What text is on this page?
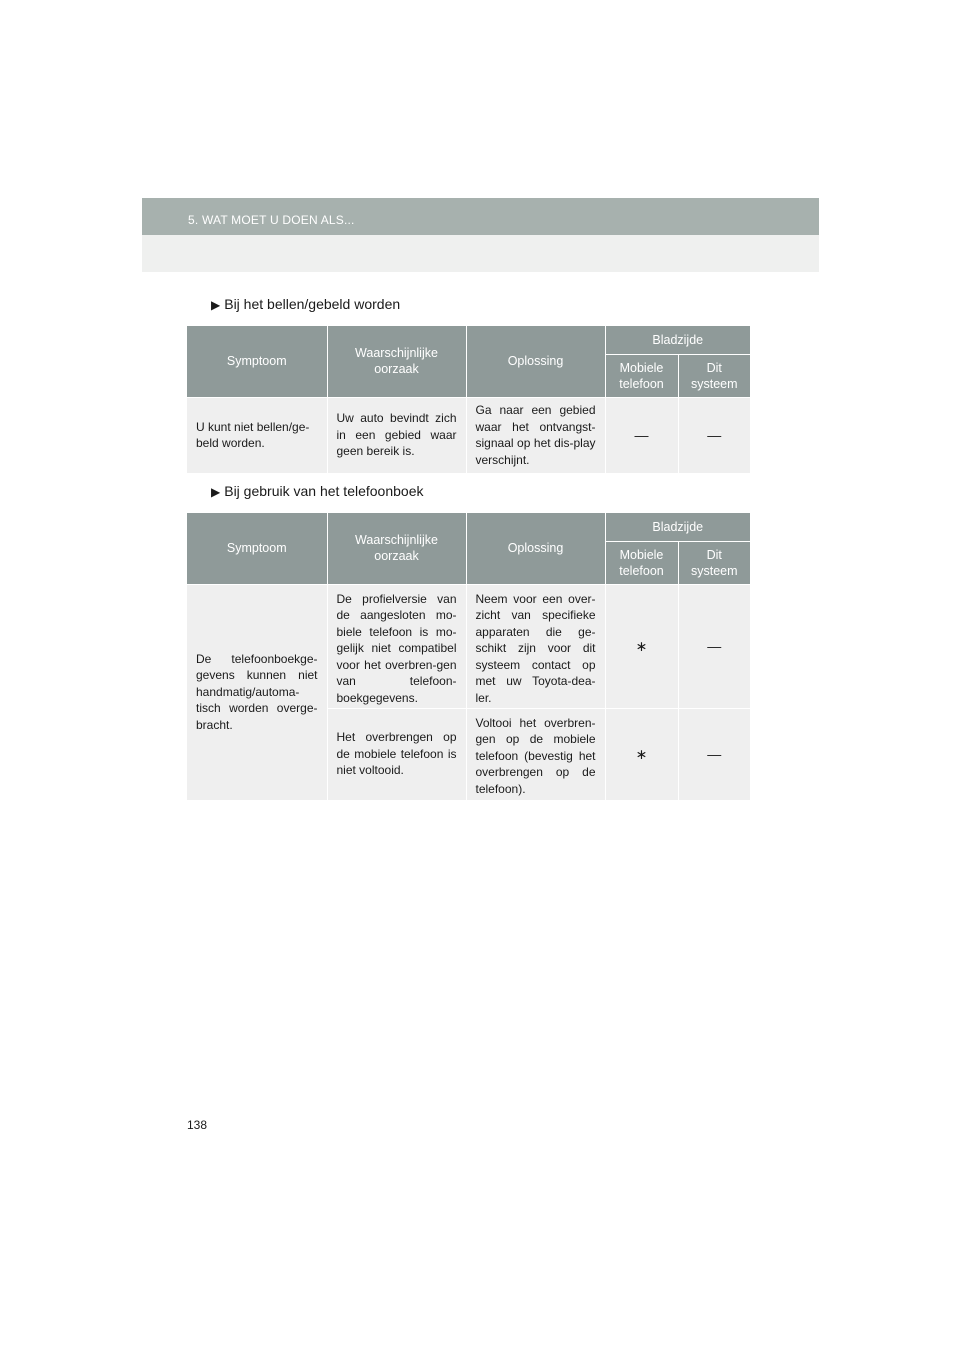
5. WAT MOET U DOEN ALS...
▶ Bij het bellen/gebeld worden
Symptoom	Waarschijnlijke oorzaak	Oplossing	Bladzijde	
			Mobiele telefoon	Dit systeem
U kunt niet bellen/ge-beld worden.	Uw auto bevindt zich in een gebied waar geen bereik is.	Ga naar een gebied waar het ontvangst-signaal op het dis-play verschijnt.	—	—
▶ Bij gebruik van het telefoonboek
Symptoom	Waarschijnlijke oorzaak	Oplossing	Bladzijde	
			Mobiele telefoon	Dit systeem
De telefoonboekge-gevens kunnen niet handmatig/automa-tisch worden overge-bracht.	De profielversie van de aangesloten mo-biele telefoon is mo-gelijk niet compatibel voor het overbren-gen van telefoon-boekgegevens.	Neem voor een over-zicht van specifieke apparaten die ge-schikt zijn voor dit systeem contact op met uw Toyota-dea-ler.	∗	—
	Het overbrengen op de mobiele telefoon is niet voltooid.	Voltooi het overbren-gen op de mobiele telefoon (bevestig het overbrengen op de telefoon).	∗	—
138
